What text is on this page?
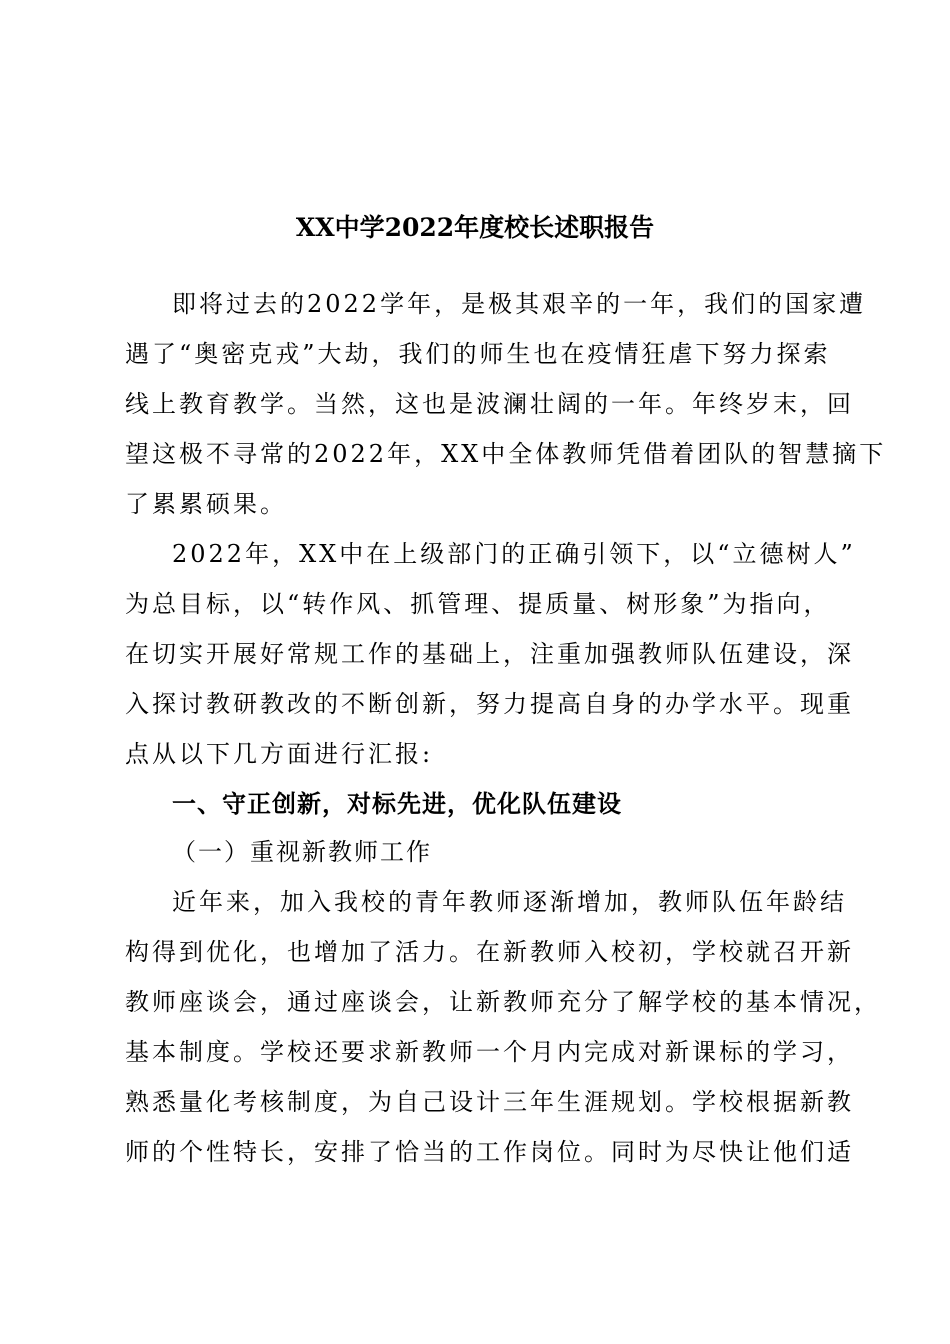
XX中学2022年度校长述职报告
即将过去的2022学年，是极其艰辛的一年，我们的国家遭
遇了“奥密克戎”大劫，我们的师生也在疫情狂虐下努力探索
线上教育教学。当然，这也是波澜壮阔的一年。年终岁末，回
望这极不寻常的2022年，XX中全体教师凭借着团队的智慧摘下
了累累硕果。
2022年，XX中在上级部门的正确引领下，以“立德树人”
为总目标，以“转作风、抓管理、提质量、树形象”为指向，
在切实开展好常规工作的基础上，注重加强教师队伍建设，深
入探讨教研教改的不断创新，努力提高自身的办学水平。现重
点从以下几方面进行汇报:
一、守正创新，对标先进，优化队伍建设
（一）重视新教师工作
近年来，加入我校的青年教师逐渐增加，教师队伍年龄结
构得到优化，也增加了活力。在新教师入校初，学校就召开新
教师座谈会，通过座谈会，让新教师充分了解学校的基本情况，
基本制度。学校还要求新教师一个月内完成对新课标的学习，
熟悉量化考核制度，为自己设计三年生涯规划。学校根据新教
师的个性特长，安排了恰当的工作岗位。同时为尽快让他们适
